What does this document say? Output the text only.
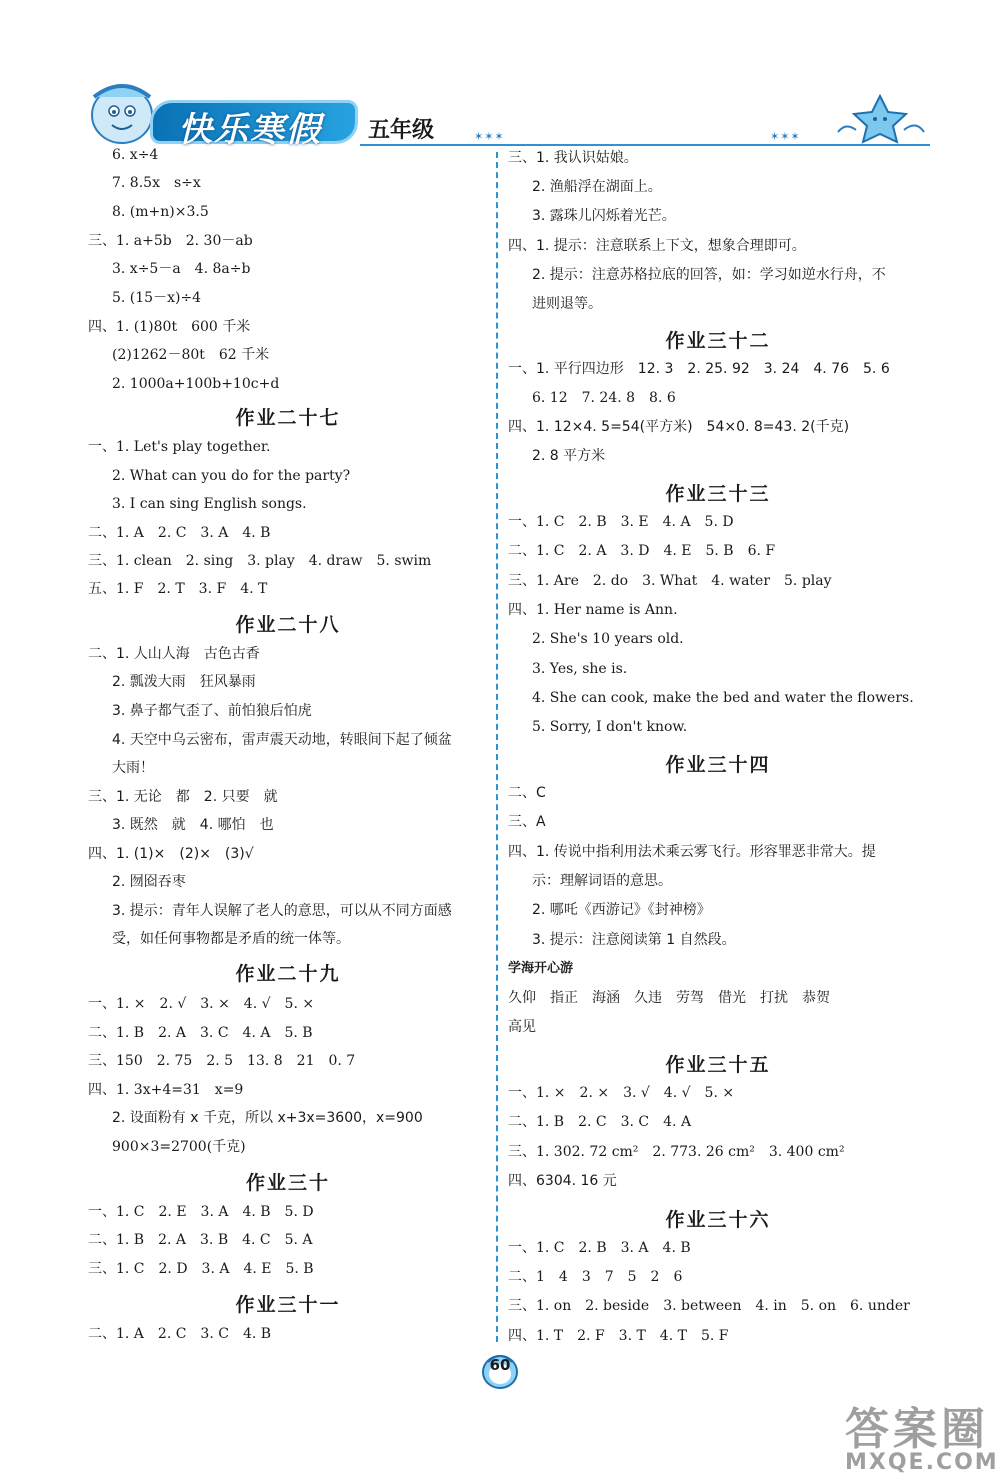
快乐寒假 五年级	✶✶✶	✶✶✶
6. x÷4
7. 8.5x　s÷x
8. (m+n)×3.5
三、1. a+5b　2. 30－ab
3. x÷5－a　4. 8a÷b
5. (15－x)÷4
四、1. (1)80t　600 千米
(2)1262－80t　62 千米
2. 1000a+100b+10c+d
作业二十七
一、1. Let's play together.
2. What can you do for the party?
3. I can sing English songs.
二、1. A　2. C　3. A　4. B
三、1. clean　2. sing　3. play　4. draw　5. swim
五、1. F　2. T　3. F　4. T
作业二十八
二、1. 人山人海　古色古香
2. 瓢泼大雨　狂风暴雨
3. 鼻子都气歪了、前怕狼后怕虎
4. 天空中乌云密布，雷声震天动地，转眼间下起了倾盆
大雨！
三、1. 无论　都　2. 只要　就
3. 既然　就　4. 哪怕　也
四、1. (1)×　(2)×　(3)√
2. 囫囵吞枣
3. 提示：青年人误解了老人的意思，可以从不同方面感
受，如任何事物都是矛盾的统一体等。
作业二十九
一、1. ×　2. √　3. ×　4. √　5. ×
二、1. B　2. A　3. C　4. A　5. B
三、150　2. 75　2. 5　13. 8　21　0. 7
四、1. 3x+4=31　x=9
2. 设面粉有 x 千克，所以 x+3x=3600，x=900
900×3=2700(千克)
作业三十
一、1. C　2. E　3. A　4. B　5. D
二、1. B　2. A　3. B　4. C　5. A
三、1. C　2. D　3. A　4. E　5. B
作业三十一
二、1. A　2. C　3. C　4. B
三、1. 我认识姑娘。
2. 渔船浮在湖面上。
3. 露珠儿闪烁着光芒。
四、1. 提示：注意联系上下文，想象合理即可。
2. 提示：注意苏格拉底的回答，如：学习如逆水行舟，不
进则退等。
作业三十二
一、1. 平行四边形　12. 3　2. 25. 92　3. 24　4. 76　5. 6
6. 12　7. 24. 8　8. 6
四、1. 12×4. 5=54(平方米)　54×0. 8=43. 2(千克)
2. 8 平方米
作业三十三
一、1. C　2. B　3. E　4. A　5. D
二、1. C　2. A　3. D　4. E　5. B　6. F
三、1. Are　2. do　3. What　4. water　5. play
四、1. Her name is Ann.
2. She's 10 years old.
3. Yes, she is.
4. She can cook, make the bed and water the flowers.
5. Sorry, I don't know.
作业三十四
二、C
三、A
四、1. 传说中指利用法术乘云雾飞行。形容罪恶非常大。提
示：理解词语的意思。
2. 哪吒《西游记》《封神榜》
3. 提示：注意阅读第 1 自然段。
学海开心游
久仰　指正　海涵　久违　劳驾　借光　打扰　恭贺
高见
作业三十五
一、1. ×　2. ×　3. √　4. √　5. ×
二、1. B　2. C　3. C　4. A
三、1. 302. 72 cm²　2. 773. 26 cm²　3. 400 cm²
四、6304. 16 元
作业三十六
一、1. C　2. B　3. A　4. B
二、1　4　3　7　5　2　6
三、1. on　2. beside　3. between　4. in　5. on　6. under
四、1. T　2. F　3. T　4. T　5. F
60
答案圈
MXQE.COM
